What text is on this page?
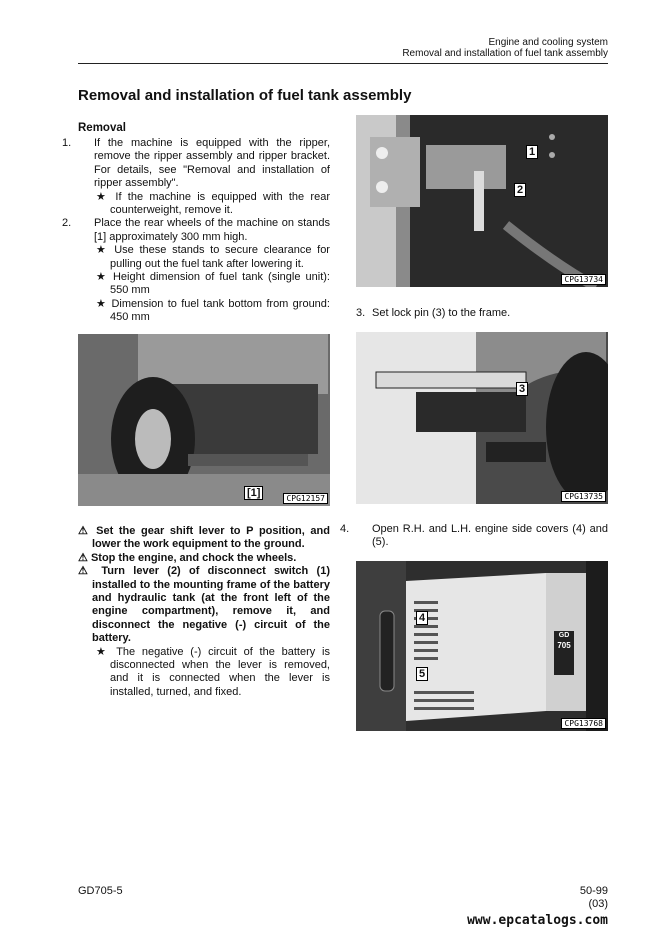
Engine and cooling system
Removal and installation of fuel tank assembly
Removal and installation of fuel tank assembly
Removal
1. If the machine is equipped with the ripper, remove the ripper assembly and ripper bracket. For details, see "Removal and installation of ripper assembly".
★ If the machine is equipped with the rear counterweight, remove it.
2. Place the rear wheels of the machine on stands [1] approximately 300 mm high.
★ Use these stands to secure clearance for pulling out the fuel tank after lowering it.
★ Height dimension of fuel tank (single unit): 550 mm
★ Dimension to fuel tank bottom from ground: 450 mm
1
2
CPG13734
3. Set lock pin (3) to the frame.
[1]	CPG12157
3
CPG13735
⚠ Set the gear shift lever to P position, and lower the work equipment to the ground.
⚠ Stop the engine, and chock the wheels.
⚠ Turn lever (2) of disconnect switch (1) installed to the mounting frame of the battery and hydraulic tank (at the front left of the engine compartment), remove it, and disconnect the negative (-) circuit of the battery.
★ The negative (-) circuit of the battery is disconnected when the lever is removed, and it is connected when the lever is installed, turned, and fixed.
4. Open R.H. and L.H. engine side covers (4) and (5).
4
5
GD
705
CPG13768
GD705-5	50-99
(03)
www.epcatalogs.com
